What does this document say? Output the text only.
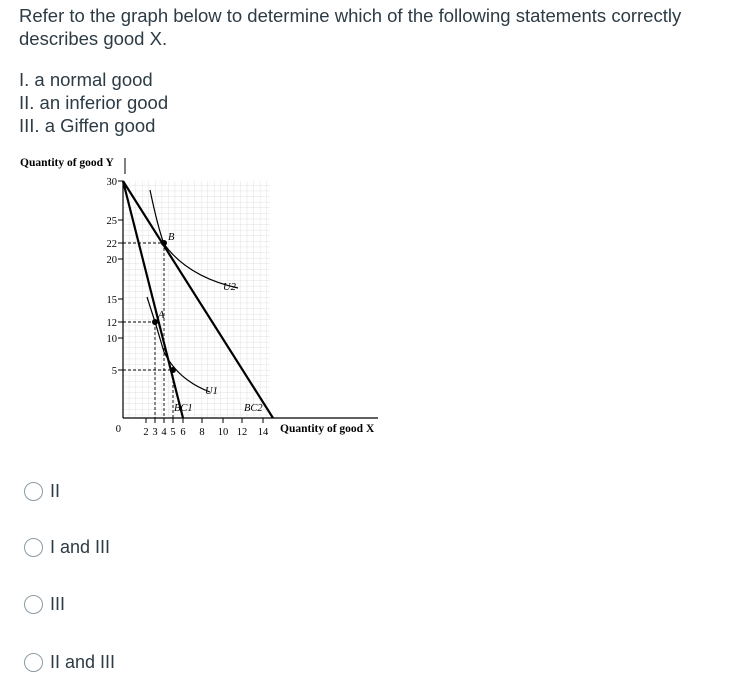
Refer to the graph below to determine which of the following statements correctly describes good X.
I. a normal good
II. an inferior good
III. a Giffen good
Quantity of good Y
30
25
22
20
15
12
10
5
0 2 3 4 5 6 8 10 12 14 Quantity of good X
B
A
U2
U1
BC1	BC2
II
I and III
III
II and III
